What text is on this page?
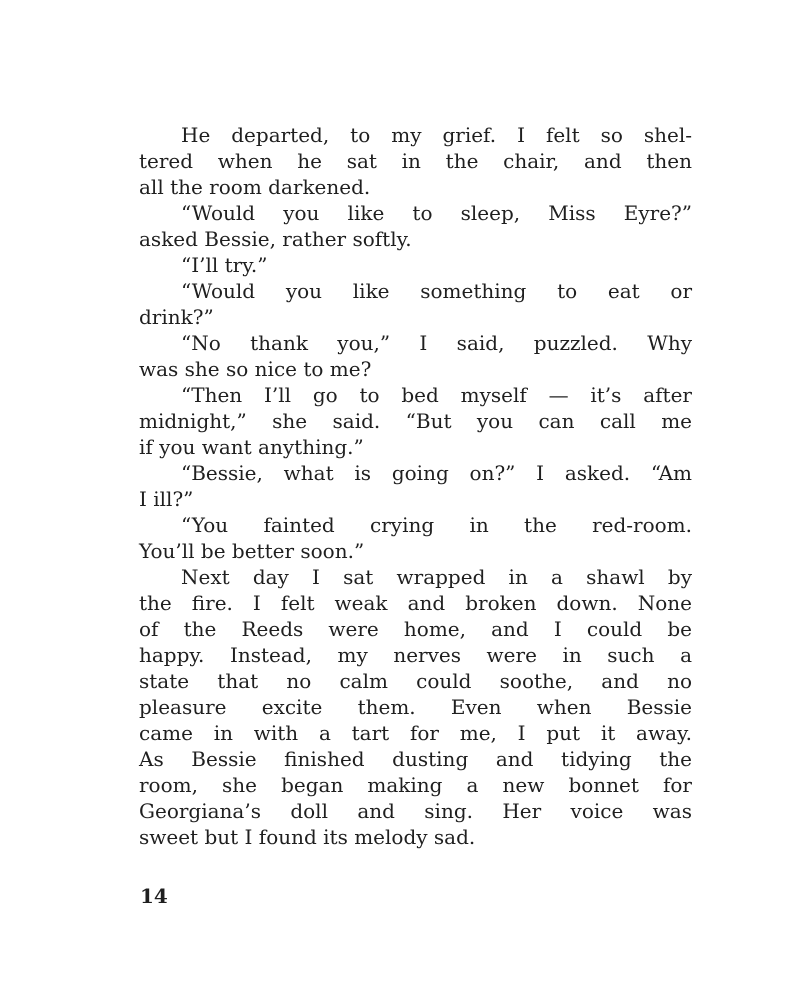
He departed, to my grief. I felt so shel-
tered when he sat in the chair, and then
all the room darkened.
“Would you like to sleep, Miss Eyre?”
asked Bessie, rather softly.
“I’ll try.”
“Would you like something to eat or
drink?”
“No thank you,” I said, puzzled. Why
was she so nice to me?
“Then I’ll go to bed myself — it’s after
midnight,” she said. “But you can call me
if you want anything.”
“Bessie, what is going on?” I asked. “Am
I ill?”
“You fainted crying in the red-room.
You’ll be better soon.”
Next day I sat wrapped in a shawl by
the fire. I felt weak and broken down. None
of the Reeds were home, and I could be
happy. Instead, my nerves were in such a
state that no calm could soothe, and no
pleasure excite them. Even when Bessie
came in with a tart for me, I put it away.
As Bessie finished dusting and tidying the
room, she began making a new bonnet for
Georgiana’s doll and sing. Her voice was
sweet but I found its melody sad.
14
